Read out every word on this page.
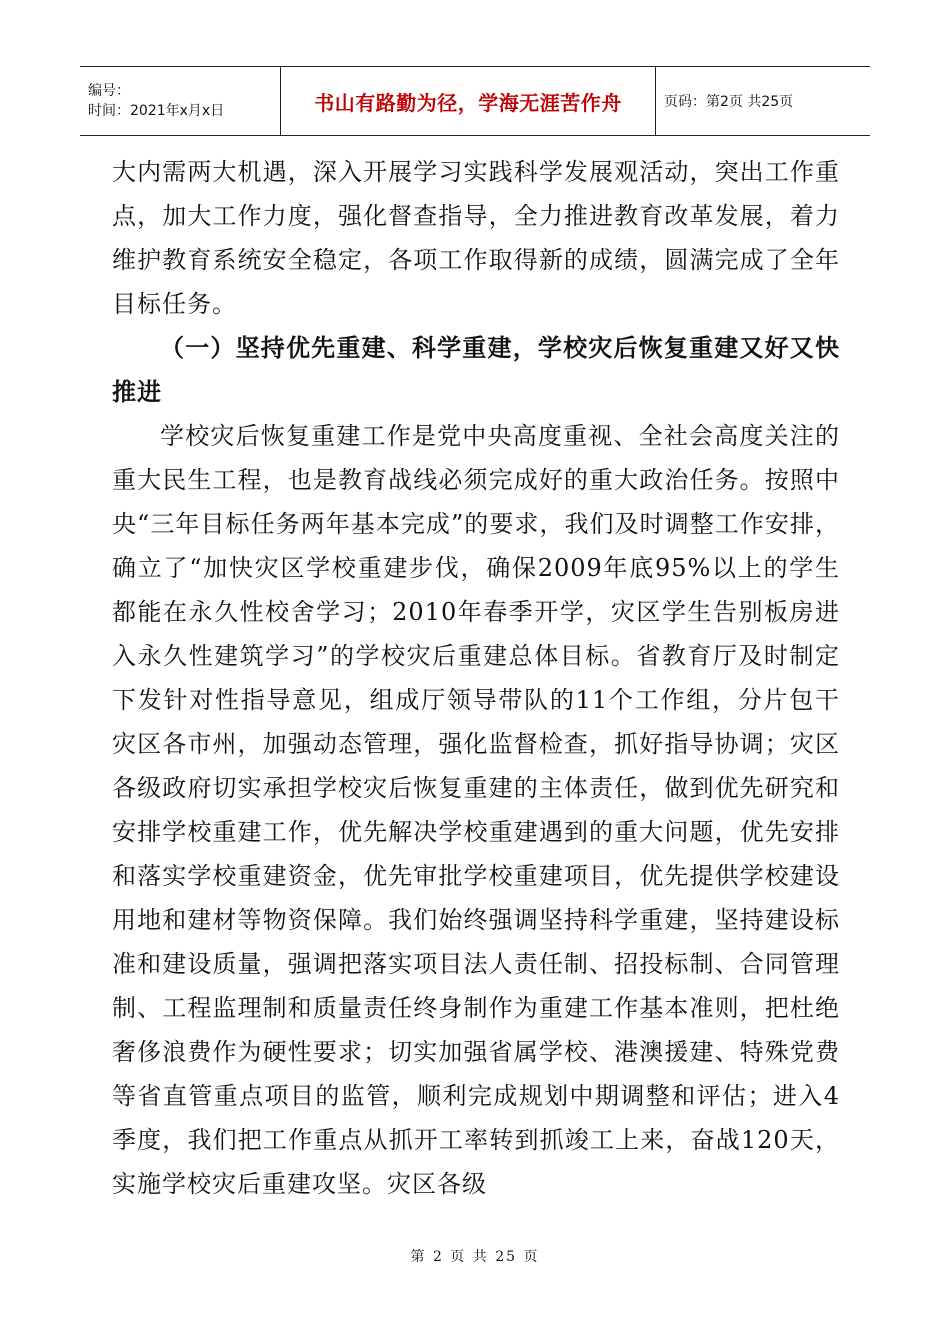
编号：
时间：2021年x月x日	书山有路勤为径，学海无涯苦作舟	页码：第2页 共25页

大内需两大机遇，深入开展学习实践科学发展观活动，突出工作重点，加大工作力度，强化督查指导，全力推进教育改革发展，着力维护教育系统安全稳定，各项工作取得新的成绩，圆满完成了全年目标任务。

（一）坚持优先重建、科学重建，学校灾后恢复重建又好又快推进

学校灾后恢复重建工作是党中央高度重视、全社会高度关注的重大民生工程，也是教育战线必须完成好的重大政治任务。按照中央“三年目标任务两年基本完成”的要求，我们及时调整工作安排，确立了“加快灾区学校重建步伐，确保2009年底95%以上的学生都能在永久性校舍学习；2010年春季开学，灾区学生告别板房进入永久性建筑学习”的学校灾后重建总体目标。省教育厅及时制定下发针对性指导意见，组成厅领导带队的11个工作组，分片包干灾区各市州，加强动态管理，强化监督检查，抓好指导协调；灾区各级政府切实承担学校灾后恢复重建的主体责任，做到优先研究和安排学校重建工作，优先解决学校重建遇到的重大问题，优先安排和落实学校重建资金，优先审批学校重建项目，优先提供学校建设用地和建材等物资保障。我们始终强调坚持科学重建，坚持建设标准和建设质量，强调把落实项目法人责任制、招投标制、合同管理制、工程监理制和质量责任终身制作为重建工作基本准则，把杜绝奢侈浪费作为硬性要求；切实加强省属学校、港澳援建、特殊党费等省直管重点项目的监管，顺利完成规划中期调整和评估；进入4季度，我们把工作重点从抓开工率转到抓竣工上来，奋战120天，实施学校灾后重建攻坚。灾区各级

第 2 页 共 25 页
